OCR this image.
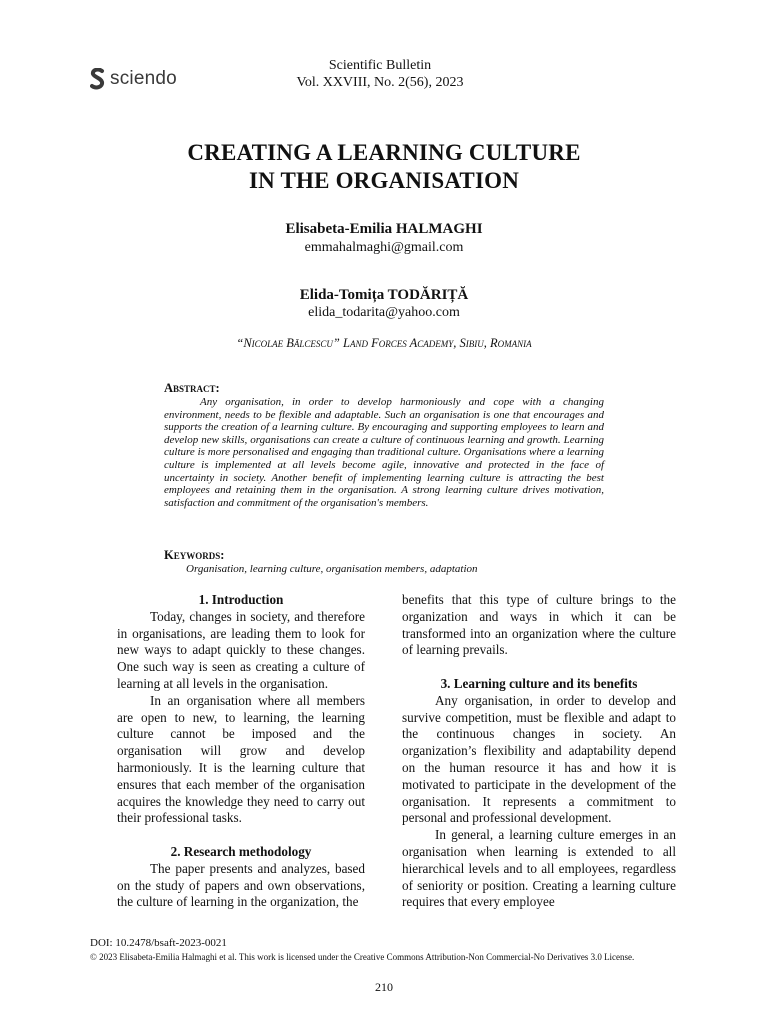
sciendo
Scientific Bulletin
Vol. XXVIII, No. 2(56), 2023
CREATING A LEARNING CULTURE
IN THE ORGANISATION
Elisabeta-Emilia HALMAGHI
emmahalmaghi@gmail.com
Elida-Tomița TODĂRIȚĂ
elida_todarita@yahoo.com
“Nicolae Bălcescu” Land Forces Academy, Sibiu, Romania
Abstract:

Any organisation, in order to develop harmoniously and cope with a changing environment, needs to be flexible and adaptable. Such an organisation is one that encourages and supports the creation of a learning culture. By encouraging and supporting employees to learn and develop new skills, organisations can create a culture of continuous learning and growth. Learning culture is more personalised and engaging than traditional culture. Organisations where a learning culture is implemented at all levels become agile, innovative and protected in the face of uncertainty in society. Another benefit of implementing learning culture is attracting the best employees and retaining them in the organisation. A strong learning culture drives motivation, satisfaction and commitment of the organisation's members.

Keywords:
Organisation, learning culture, organisation members, adaptation
1. Introduction

Today, changes in society, and therefore in organisations, are leading them to look for new ways to adapt quickly to these changes. One such way is seen as creating a culture of learning at all levels in the organisation.

In an organisation where all members are open to new, to learning, the learning culture cannot be imposed and the organisation will grow and develop harmoniously. It is the learning culture that ensures that each member of the organisation acquires the knowledge they need to carry out their professional tasks.

2. Research methodology

The paper presents and analyzes, based on the study of papers and own observations, the culture of learning in the organization, the

benefits that this type of culture brings to the organization and ways in which it can be transformed into an organization where the culture of learning prevails.

3. Learning culture and its benefits

Any organisation, in order to develop and survive competition, must be flexible and adapt to the continuous changes in society. An organization’s flexibility and adaptability depend on the human resource it has and how it is motivated to participate in the development of the organisation. It represents a commitment to personal and professional development.

In general, a learning culture emerges in an organisation when learning is extended to all hierarchical levels and to all employees, regardless of seniority or position. Creating a learning culture requires that every employee

DOI: 10.2478/bsaft-2023-0021
© 2023 Elisabeta-Emilia Halmaghi et al. This work is licensed under the Creative Commons Attribution-Non Commercial-No Derivatives 3.0 License.
210
